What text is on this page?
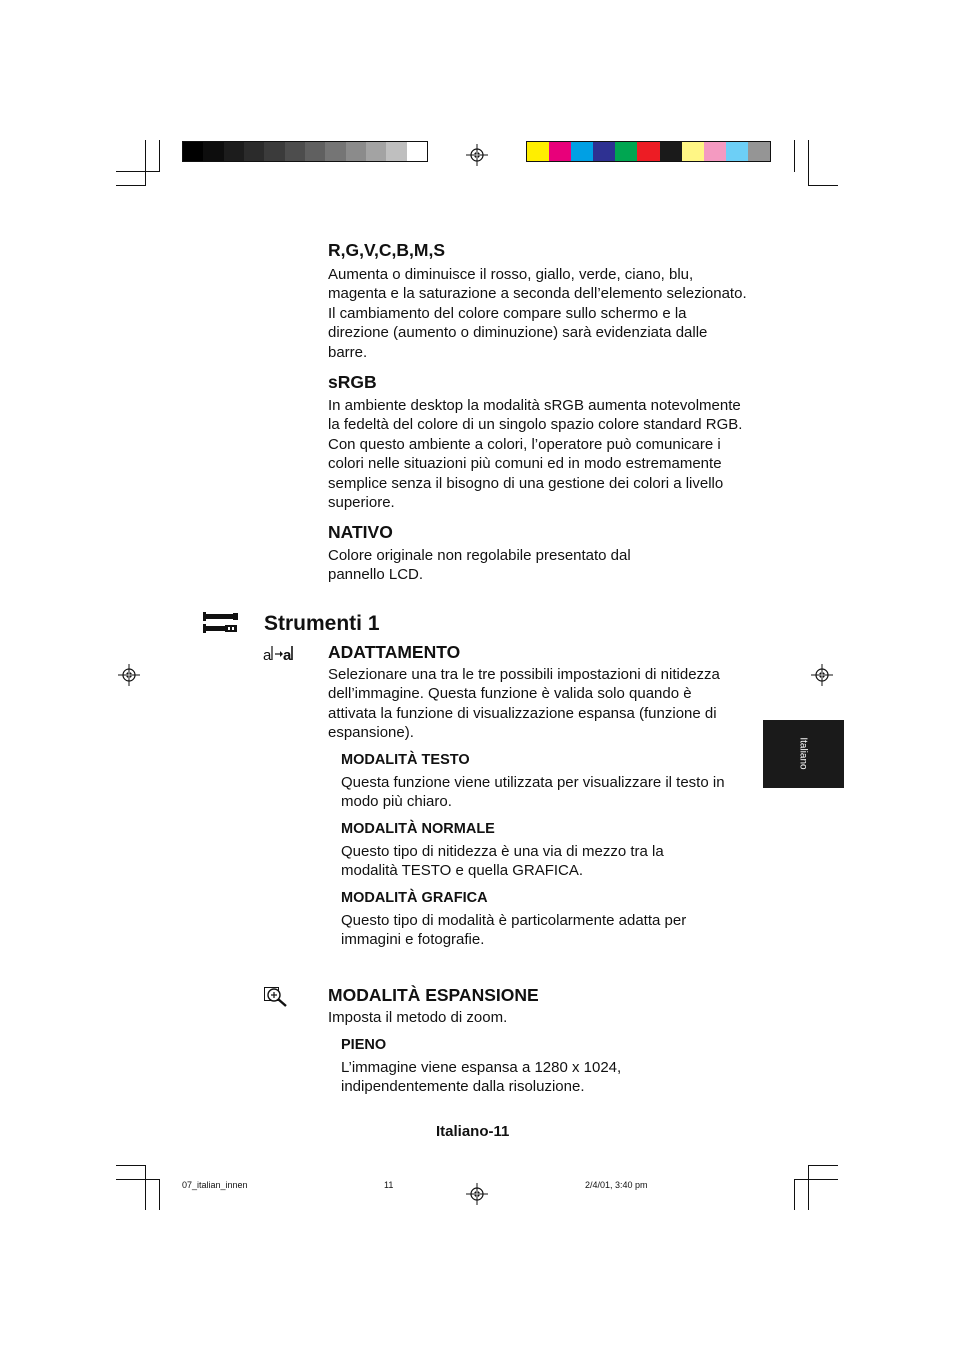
R,G,V,C,B,M,S

Aumenta o diminuisce il rosso, giallo, verde, ciano, blu, magenta e la saturazione a seconda dell’elemento selezionato. Il cambiamento del colore compare sullo schermo e la direzione (aumento o diminuzione) sarà evidenziata dalle barre.

sRGB

In ambiente desktop la modalità sRGB aumenta notevolmente la fedeltà del colore di un singolo spazio colore standard RGB. Con questo ambiente a colori, l’operatore può comunicare i colori nelle situazioni più comuni ed in modo estremamente semplice senza il bisogno di una gestione dei colori a livello superiore.

NATIVO

Colore originale non regolabile presentato dal pannello LCD.

Strumenti 1
a a ADATTAMENTO

Selezionare una tra le tre possibili impostazioni di nitidezza dell’immagine. Questa funzione è valida solo quando è attivata la funzione di visualizzazione espansa (funzione di espansione).

MODALITÀ TESTO

Questa funzione viene utilizzata per visualizzare il testo in modo più chiaro.

MODALITÀ NORMALE

Questo tipo di nitidezza è una via di mezzo tra la modalità TESTO e quella GRAFICA.

MODALITÀ GRAFICA

Questo tipo di modalità è particolarmente adatta per immagini e fotografie.

MODALITÀ ESPANSIONE

Imposta il metodo di zoom.

PIENO

L’immagine viene espansa a 1280 x 1024, indipendentemente dalla risoluzione.

Italiano
Italiano-11
07_italian_innen	11	2/4/01, 3:40 pm
